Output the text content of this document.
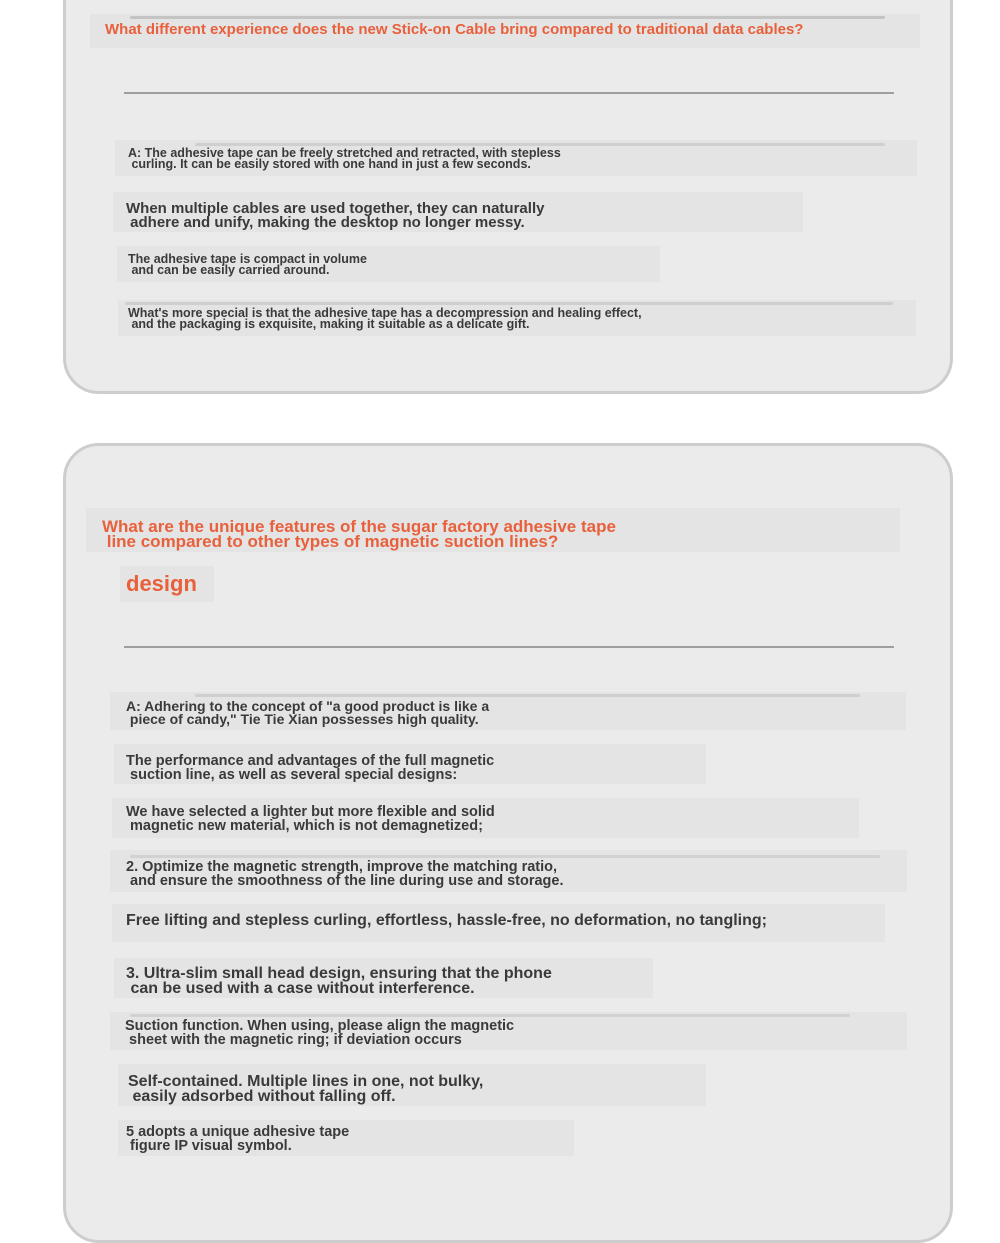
What different experience does the new Stick-on Cable bring compared to traditional data cables?

A: The adhesive tape can be freely stretched and retracted, with stepless
curling. It can be easily stored with one hand in just a few seconds.

When multiple cables are used together, they can naturally
adhere and unify, making the desktop no longer messy.

The adhesive tape is compact in volume
and can be easily carried around.

What's more special is that the adhesive tape has a decompression and healing effect,
and the packaging is exquisite, making it suitable as a delicate gift.

What are the unique features of the sugar factory adhesive tape
line compared to other types of magnetic suction lines?

design

A: Adhering to the concept of "a good product is like a
piece of candy," Tie Tie Xian possesses high quality.

The performance and advantages of the full magnetic
suction line, as well as several special designs:

We have selected a lighter but more flexible and solid
magnetic new material, which is not demagnetized;

2. Optimize the magnetic strength, improve the matching ratio,
and ensure the smoothness of the line during use and storage.

Free lifting and stepless curling, effortless, hassle-free, no deformation, no tangling;

3. Ultra-slim small head design, ensuring that the phone
can be used with a case without interference.

Suction function. When using, please align the magnetic
sheet with the magnetic ring; if deviation occurs

Self-contained. Multiple lines in one, not bulky,
easily adsorbed without falling off.

5 adopts a unique adhesive tape
figure IP visual symbol.
